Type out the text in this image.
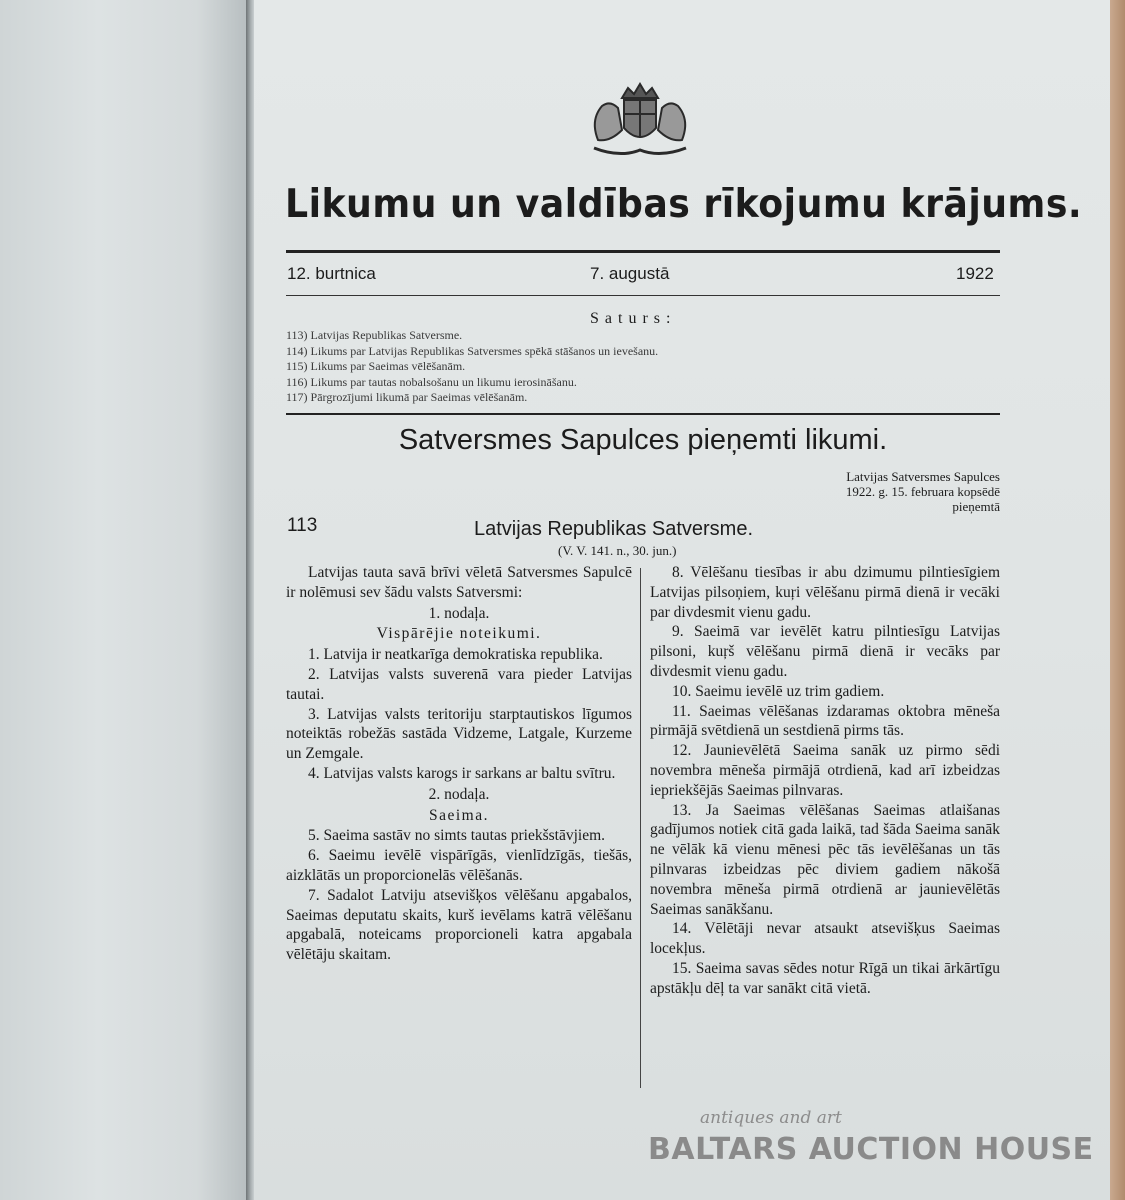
Likumu un valdības rīkojumu krājums.
12. burtnica	7. augustā	1922
Saturs:
113) Latvijas Republikas Satversme.
114) Likums par Latvijas Republikas Satversmes spēkā stāšanos un ievešanu.
115) Likums par Saeimas vēlēšanām.
116) Likums par tautas nobalsošanu un likumu ierosināšanu.
117) Pārgrozījumi likumā par Saeimas vēlēšanām.
Satversmes Sapulces pieņemti likumi.
Latvijas Satversmes Sapulces
1922. g. 15. februara kopsēdē
pieņemtā
113	Latvijas Republikas Satversme.
(V. V. 141. n., 30. jun.)

Latvijas tauta savā brīvi vēletā Satversmes Sapulcē ir nolēmusi sev šādu valsts Satversmi:

1. nodaļa.
Vispārējie noteikumi.

1. Latvija ir neatkarīga demokratiska republika.

2. Latvijas valsts suverenā vara pieder Latvijas tautai.

3. Latvijas valsts teritoriju starptautiskos līgumos noteiktās robežās sastāda Vidzeme, Latgale, Kurzeme un Zemgale.

4. Latvijas valsts karogs ir sarkans ar baltu svītru.

2. nodaļa.
Saeima.

5. Saeima sastāv no simts tautas priekšstāvjiem.

6. Saeimu ievēlē vispārīgās, vienlīdzīgās, tiešās, aizklātās un proporcionelās vēlēšanās.

7. Sadalot Latviju atsevišķos vēlēšanu apgabalos, Saeimas deputatu skaits, kurš ievēlams katrā vēlēšanu apgabalā, noteicams proporcioneli katra apgabala vēlētāju skaitam.

8. Vēlēšanu tiesības ir abu dzimumu pilntiesīgiem Latvijas pilsoņiem, kuŗi vēlēšanu pirmā dienā ir vecāki par divdesmit vienu gadu.

9. Saeimā var ievēlēt katru pilntiesīgu Latvijas pilsoni, kuŗš vēlēšanu pirmā dienā ir vecāks par divdesmit vienu gadu.

10. Saeimu ievēlē uz trim gadiem.

11. Saeimas vēlēšanas izdaramas oktobra mēneša pirmājā svētdienā un sestdienā pirms tās.

12. Jaunievēlētā Saeima sanāk uz pirmo sēdi novembra mēneša pirmājā otrdienā, kad arī izbeidzas iepriekšējās Saeimas pilnvaras.

13. Ja Saeimas vēlēšanas Saeimas atlaišanas gadījumos notiek citā gada laikā, tad šāda Saeima sanāk ne vēlāk kā vienu mēnesi pēc tās ievēlēšanas un tās pilnvaras izbeidzas pēc diviem gadiem nākošā novembra mēneša pirmā otrdienā ar jaunievēlētās Saeimas sanākšanu.

14. Vēlētāji nevar atsaukt atsevišķus Saeimas locekļus.

15. Saeima savas sēdes notur Rīgā un tikai ārkārtīgu apstākļu dēļ ta var sanākt citā vietā.

antiques and art
BALTARS AUCTION HOUSE
